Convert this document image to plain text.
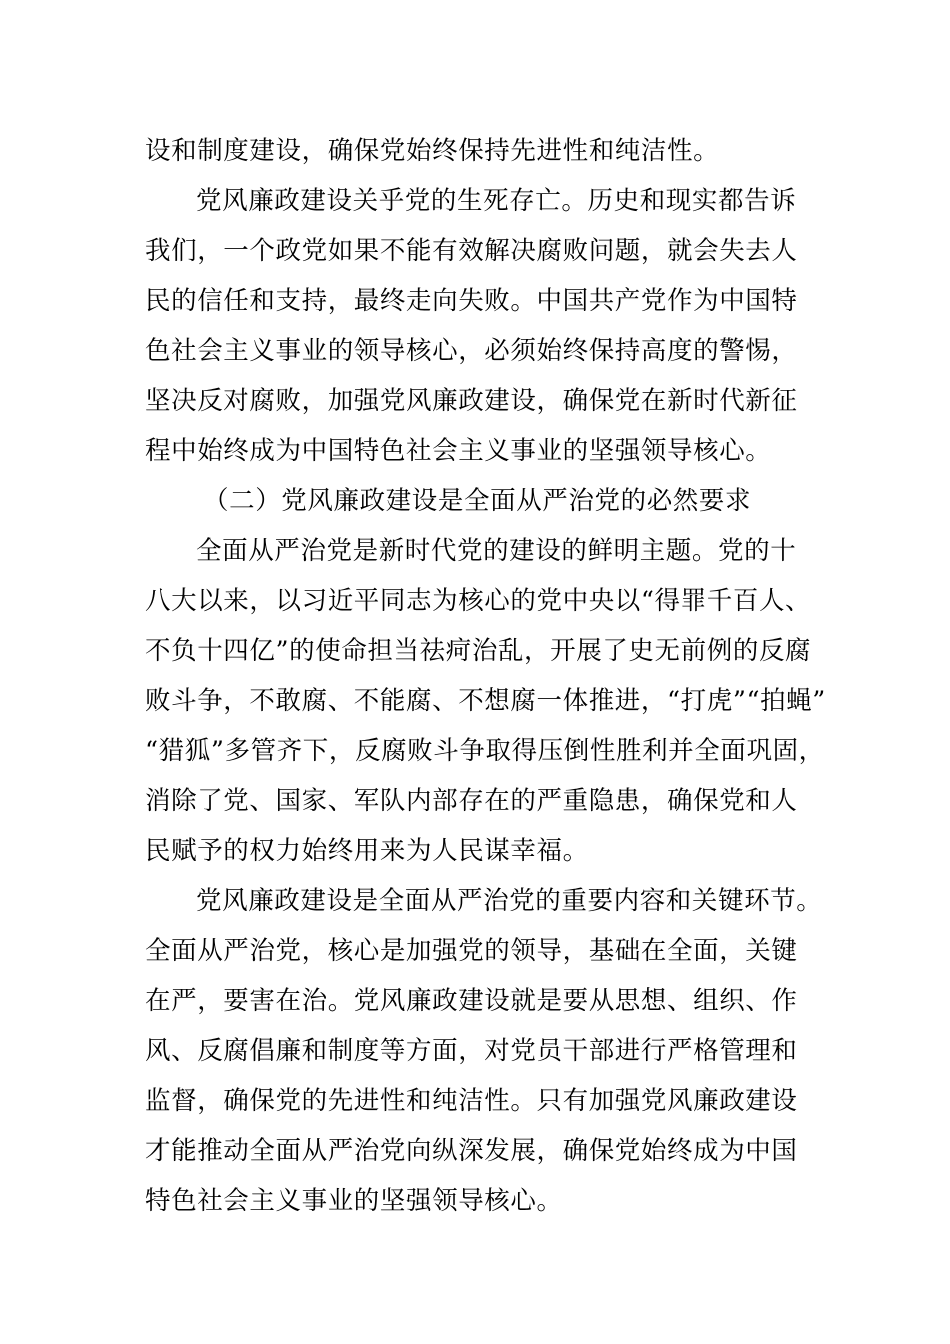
设和制度建设，确保党始终保持先进性和纯洁性。
党风廉政建设关乎党的生死存亡。历史和现实都告诉
我们，一个政党如果不能有效解决腐败问题，就会失去人
民的信任和支持，最终走向失败。中国共产党作为中国特
色社会主义事业的领导核心，必须始终保持高度的警惕，
坚决反对腐败，加强党风廉政建设，确保党在新时代新征
程中始终成为中国特色社会主义事业的坚强领导核心。
（二）党风廉政建设是全面从严治党的必然要求
全面从严治党是新时代党的建设的鲜明主题。党的十
八大以来，以习近平同志为核心的党中央以“得罪千百人、
不负十四亿”的使命担当祛疴治乱，开展了史无前例的反腐
败斗争，不敢腐、不能腐、不想腐一体推进，“打虎”“拍蝇”
“猎狐”多管齐下，反腐败斗争取得压倒性胜利并全面巩固，
消除了党、国家、军队内部存在的严重隐患，确保党和人
民赋予的权力始终用来为人民谋幸福。
党风廉政建设是全面从严治党的重要内容和关键环节。
全面从严治党，核心是加强党的领导，基础在全面，关键
在严，要害在治。党风廉政建设就是要从思想、组织、作
风、反腐倡廉和制度等方面，对党员干部进行严格管理和
监督，确保党的先进性和纯洁性。只有加强党风廉政建设
才能推动全面从严治党向纵深发展，确保党始终成为中国
特色社会主义事业的坚强领导核心。
